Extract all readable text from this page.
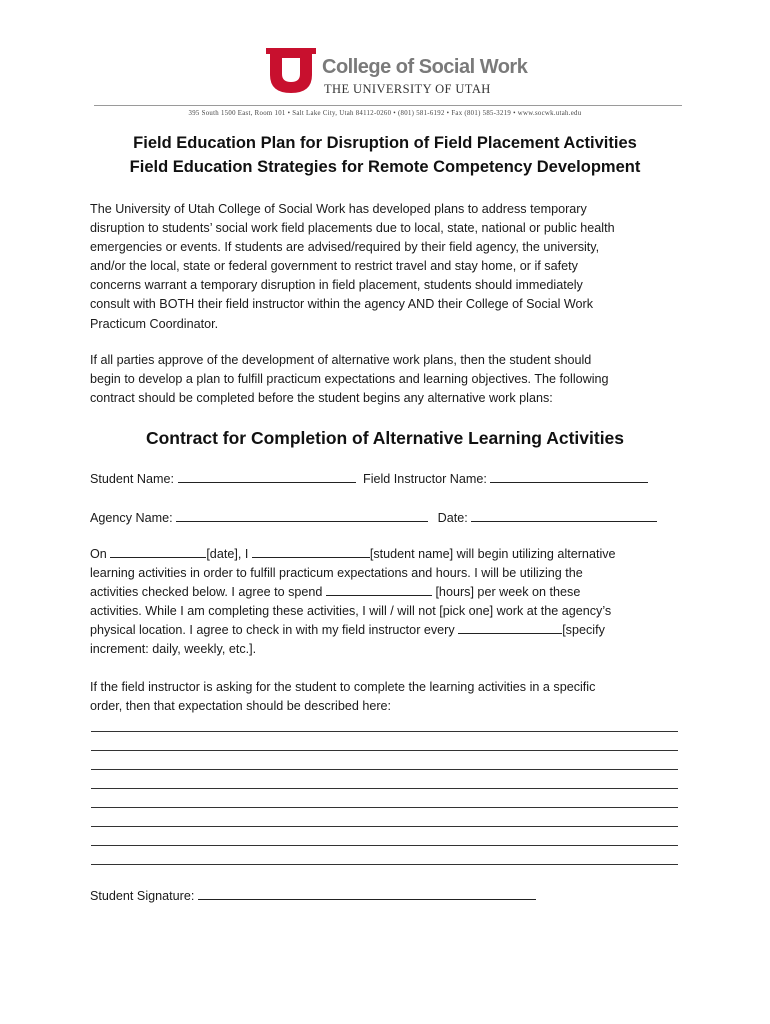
College of Social Work
THE UNIVERSITY OF UTAH
395 South 1500 East, Room 101 • Salt Lake City, Utah 84112-0260 • (801) 581-6192 • Fax (801) 585-3219 • www.socwk.utah.edu
Field Education Plan for Disruption of Field Placement Activities
Field Education Strategies for Remote Competency Development
The University of Utah College of Social Work has developed plans to address temporary
disruption to students’ social work field placements due to local, state, national or public health
emergencies or events. If students are advised/required by their field agency, the university,
and/or the local, state or federal government to restrict travel and stay home, or if safety
concerns warrant a temporary disruption in field placement, students should immediately
consult with BOTH their field instructor within the agency AND their College of Social Work
Practicum Coordinator.
If all parties approve of the development of alternative work plans, then the student should
begin to develop a plan to fulfill practicum expectations and learning objectives. The following
contract should be completed before the student begins any alternative work plans:
Contract for Completion of Alternative Learning Activities
Student Name:	Field Instructor Name:
Agency Name:	Date:
On	[date], I	[student name] will begin utilizing alternative
learning activities in order to fulfill practicum expectations and hours. I will be utilizing the
activities checked below. I agree to spend	[hours] per week on these
activities. While I am completing these activities, I will / will not [pick one] work at the agency’s
physical location. I agree to check in with my field instructor every	[specify
increment: daily, weekly, etc.].
If the field instructor is asking for the student to complete the learning activities in a specific
order, then that expectation should be described here:
Student Signature:
